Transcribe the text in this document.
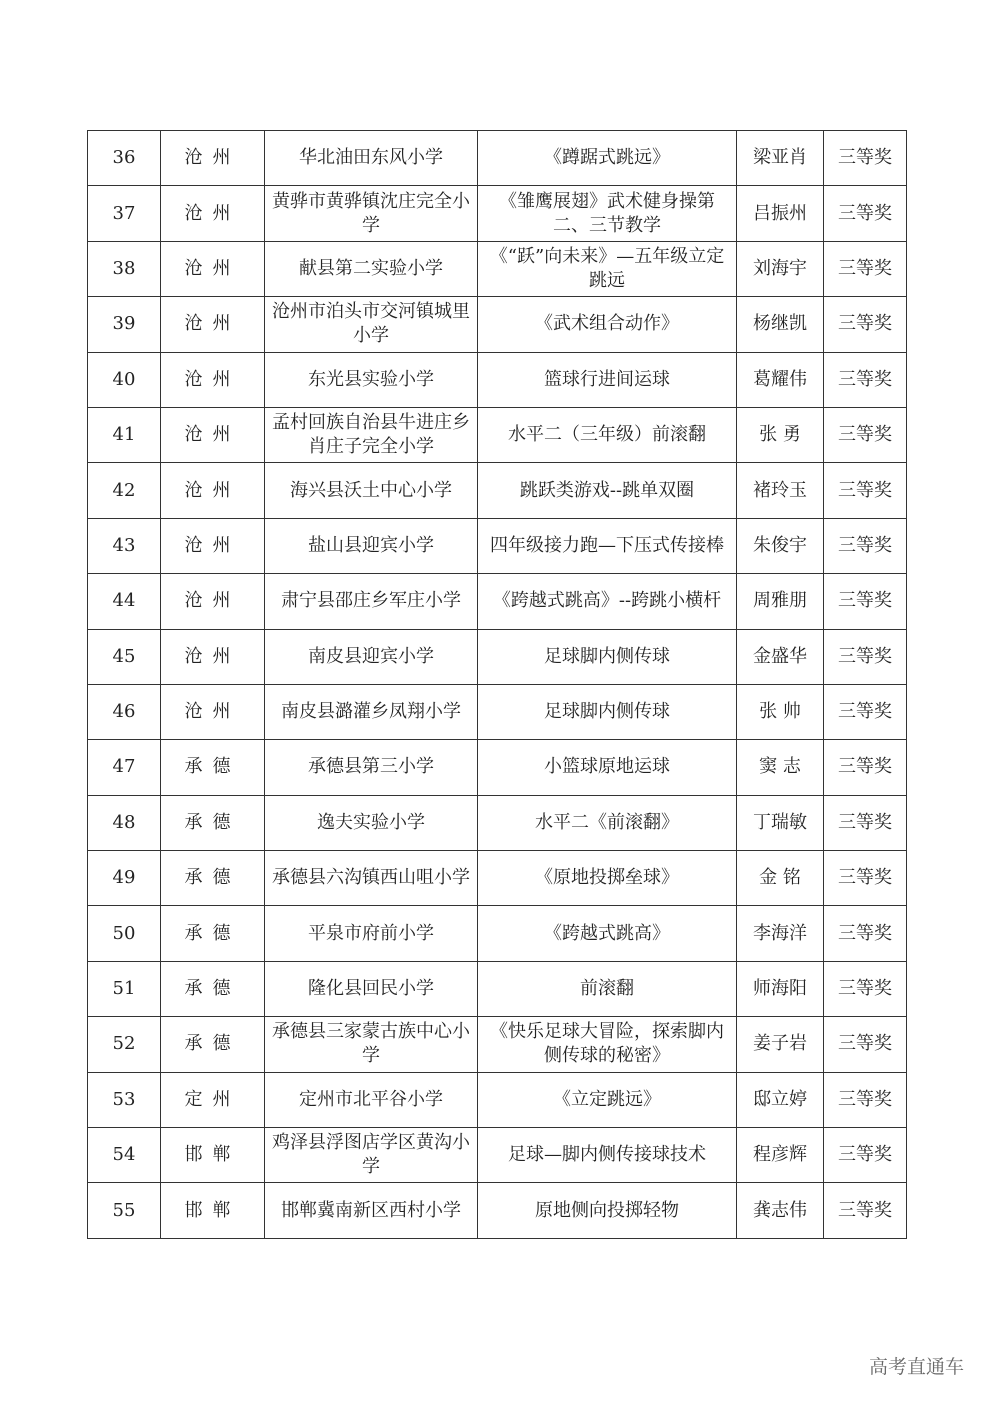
36	沧州	华北油田东风小学	《蹲踞式跳远》	梁亚肖	三等奖
37	沧州	黄骅市黄骅镇沈庄完全小学	《雏鹰展翅》武术健身操第二、三节教学	吕振州	三等奖
38	沧州	献县第二实验小学	《“跃”向未来》—五年级立定跳远	刘海宇	三等奖
39	沧州	沧州市泊头市交河镇城里小学	《武术组合动作》	杨继凯	三等奖
40	沧州	东光县实验小学	篮球行进间运球	葛耀伟	三等奖
41	沧州	孟村回族自治县牛进庄乡肖庄子完全小学	水平二（三年级）前滚翻	张 勇	三等奖
42	沧州	海兴县沃土中心小学	跳跃类游戏--跳单双圈	褚玲玉	三等奖
43	沧州	盐山县迎宾小学	四年级接力跑—下压式传接棒	朱俊宇	三等奖
44	沧州	肃宁县邵庄乡军庄小学	《跨越式跳高》--跨跳小横杆	周雅朋	三等奖
45	沧州	南皮县迎宾小学	足球脚内侧传球	金盛华	三等奖
46	沧州	南皮县潞灌乡凤翔小学	足球脚内侧传球	张 帅	三等奖
47	承德	承德县第三小学	小篮球原地运球	窦 志	三等奖
48	承德	逸夫实验小学	水平二《前滚翻》	丁瑞敏	三等奖
49	承德	承德县六沟镇西山咀小学	《原地投掷垒球》	金 铭	三等奖
50	承德	平泉市府前小学	《跨越式跳高》	李海洋	三等奖
51	承德	隆化县回民小学	前滚翻	师海阳	三等奖
52	承德	承德县三家蒙古族中心小学	《快乐足球大冒险，探索脚内侧传球的秘密》	姜子岩	三等奖
53	定州	定州市北平谷小学	《立定跳远》	邸立婷	三等奖
54	邯郸	鸡泽县浮图店学区黄沟小学	足球—脚内侧传接球技术	程彦辉	三等奖
55	邯郸	邯郸冀南新区西村小学	原地侧向投掷轻物	龚志伟	三等奖
高考直通车
